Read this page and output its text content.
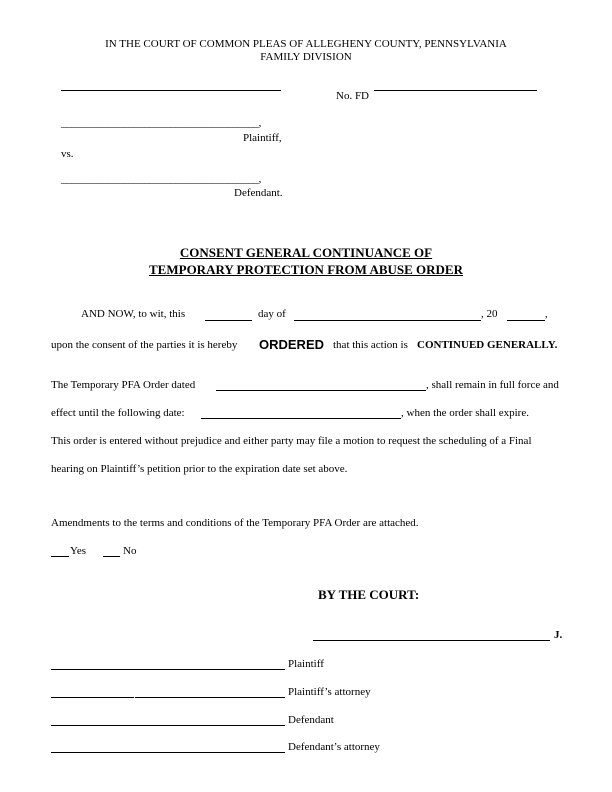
IN THE COURT OF COMMON PLEAS OF ALLEGHENY COUNTY, PENNSYLVANIA
FAMILY DIVISION
No. FD
______________________________________,
Plaintiff,
vs.
______________________________________,
Defendant.
CONSENT GENERAL CONTINUANCE OF
TEMPORARY PROTECTION FROM ABUSE ORDER
AND NOW, to wit, this	day of	, 20	,
upon the consent of the parties it is hereby ORDERED that this action is CONTINUED GENERALLY.
The Temporary PFA Order dated	, shall remain in full force and
effect until the following date:	, when the order shall expire.
This order is entered without prejudice and either party may file a motion to request the scheduling of a Final
hearing on Plaintiff’s petition prior to the expiration date set above.
Amendments to the terms and conditions of the Temporary PFA Order are attached.
Yes	No
BY THE COURT:
J.
Plaintiff
Plaintiff’s attorney
Defendant
Defendant’s attorney
